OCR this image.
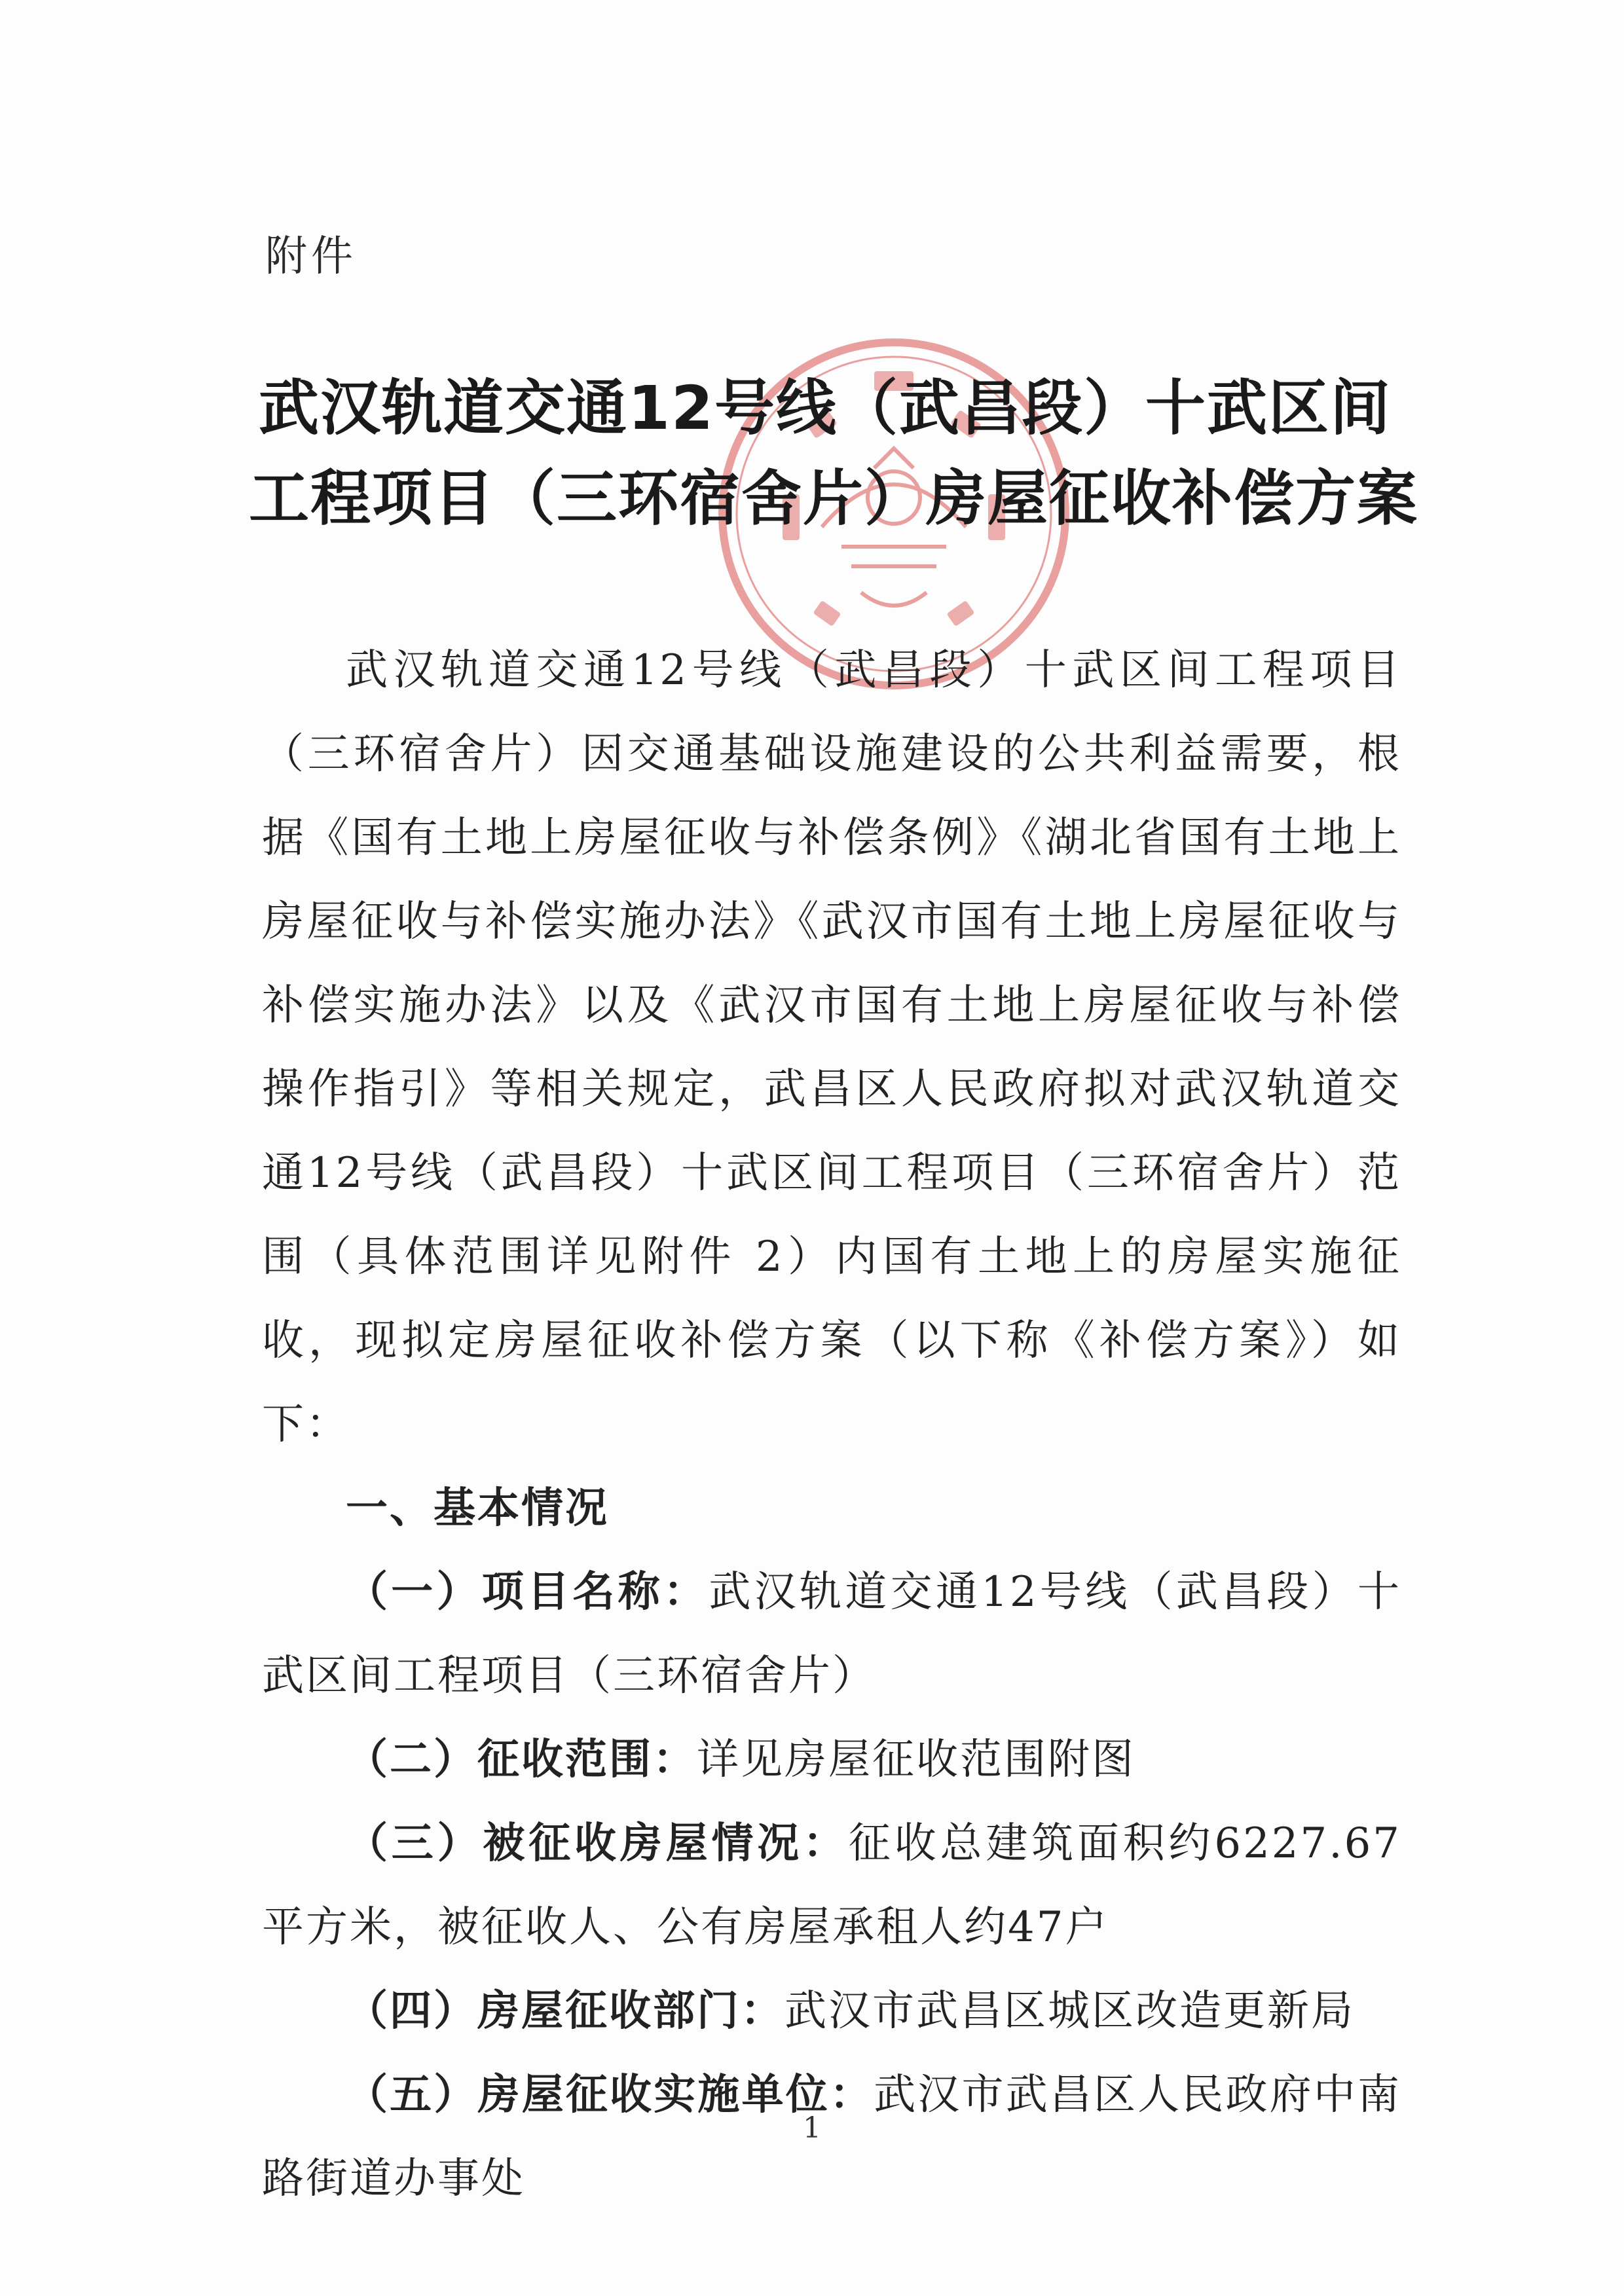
附件
武汉轨道交通12号线（武昌段）十武区间
工程项目（三环宿舍片）房屋征收补偿方案

武汉轨道交通12号线（武昌段）十武区间工程项目（三环宿舍片）因交通基础设施建设的公共利益需要，根据《国有土地上房屋征收与补偿条例》《湖北省国有土地上房屋征收与补偿实施办法》《武汉市国有土地上房屋征收与补偿实施办法》以及《武汉市国有土地上房屋征收与补偿操作指引》等相关规定，武昌区人民政府拟对武汉轨道交通12号线（武昌段）十武区间工程项目（三环宿舍片）范围（具体范围详见附件 2）内国有土地上的房屋实施征收，现拟定房屋征收补偿方案（以下称《补偿方案》）如下：

一、基本情况

（一）项目名称：武汉轨道交通12号线（武昌段）十武区间工程项目（三环宿舍片）

（二）征收范围：详见房屋征收范围附图

（三）被征收房屋情况：征收总建筑面积约6227.67平方米，被征收人、公有房屋承租人约47户

（四）房屋征收部门：武汉市武昌区城区改造更新局

（五）房屋征收实施单位：武汉市武昌区人民政府中南路街道办事处

1
